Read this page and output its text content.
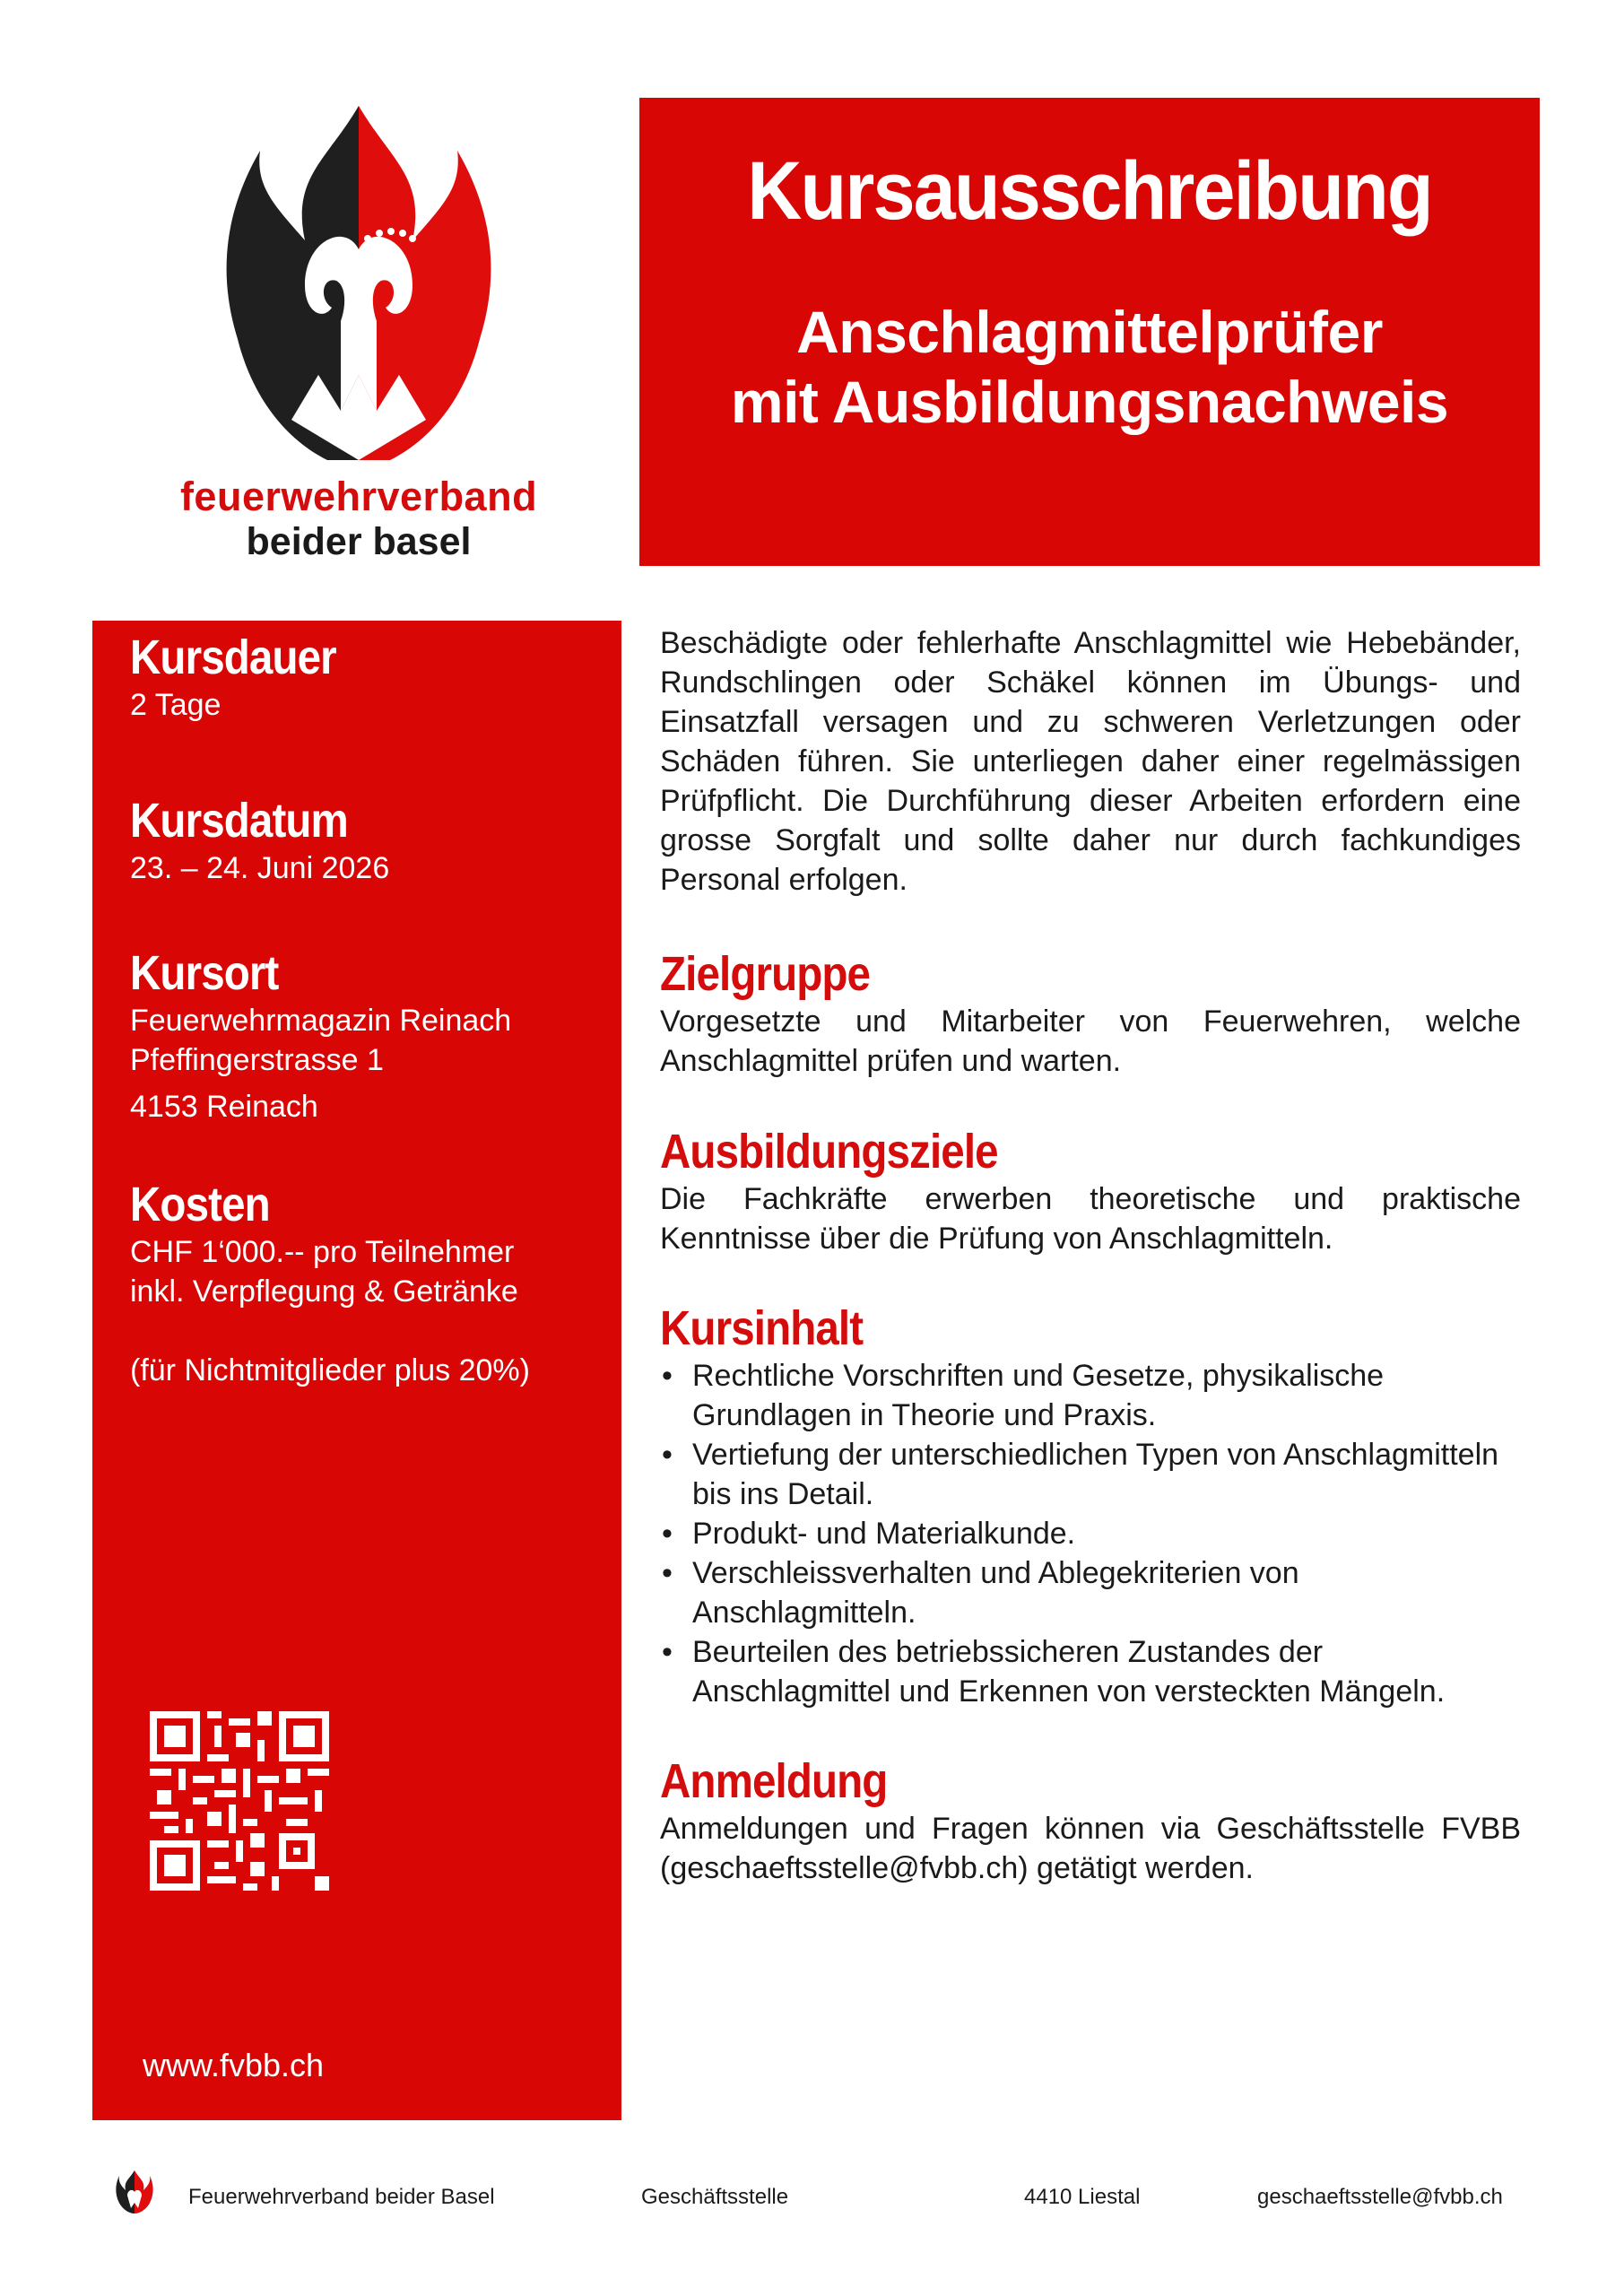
feuerwehrverband
beider basel
Kursausschreibung
Anschlagmittelprüfer
mit Ausbildungsnachweis
Kursdauer
2 Tage
Kursdatum
23. – 24. Juni 2026
Kursort
Feuerwehrmagazin Reinach
Pfeffingerstrasse 1
4153 Reinach
Kosten
CHF 1‘000.-- pro Teilnehmer
inkl. Verpflegung & Getränke
(für Nichtmitglieder plus 20%)
www.fvbb.ch

Beschädigte oder fehlerhafte Anschlagmittel wie Hebebänder, Rundschlingen oder Schäkel können im Übungs- und Einsatzfall versagen und zu schweren Verletzungen oder Schäden führen. Sie unterliegen daher einer regelmässigen Prüfpflicht. Die Durchführung dieser Arbeiten erfordern eine grosse Sorgfalt und sollte daher nur durch fachkundiges Personal erfolgen.

Zielgruppe

Vorgesetzte und Mitarbeiter von Feuerwehren, welche Anschlagmittel prüfen und warten.

Ausbildungsziele

Die Fachkräfte erwerben theoretische und praktische Kenntnisse über die Prüfung von Anschlagmitteln.

Kursinhalt
• Rechtliche Vorschriften und Gesetze, physikalische Grundlagen in Theorie und Praxis.
• Vertiefung der unterschiedlichen Typen von Anschlagmitteln bis ins Detail.
• Produkt- und Materialkunde.
• Verschleissverhalten und Ablegekriterien von Anschlagmitteln.
• Beurteilen des betriebssicheren Zustandes der Anschlagmittel und Erkennen von versteckten Mängeln.
Anmeldung

Anmeldungen und Fragen können via Geschäftsstelle FVBB (geschaeftsstelle@fvbb.ch) getätigt werden.

Feuerwehrverband beider Basel	Geschäftsstelle	4410 Liestal	geschaeftsstelle@fvbb.ch
